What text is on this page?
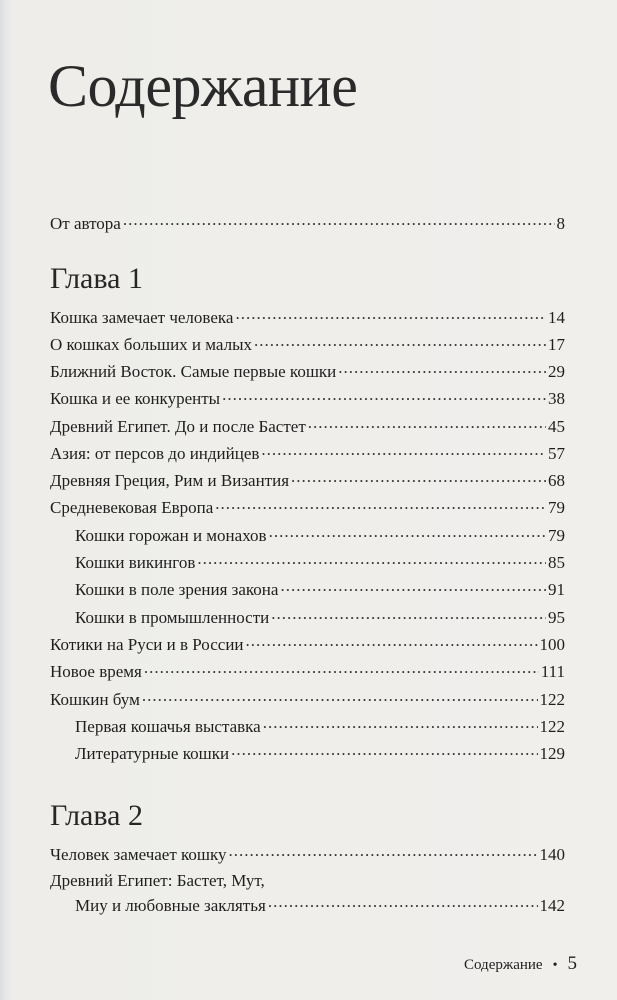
Содержание
От автора .....	8
Глава 1
Кошка замечает человека .....	14
О кошках больших и малых .....	17
Ближний Восток. Самые первые кошки .....	29
Кошка и ее конкуренты .....	38
Древний Египет. До и после Бастет .....	45
Азия: от персов до индийцев .....	57
Древняя Греция, Рим и Византия .....	68
Средневековая Европа .....	79
Кошки горожан и монахов .....	79
Кошки викингов .....	85
Кошки в поле зрения закона .....	91
Кошки в промышленности .....	95
Котики на Руси и в России .....	100
Новое время .....	111
Кошкин бум .....	122
Первая кошачья выставка .....	122
Литературные кошки .....	129
Глава 2
Человек замечает кошку .....	140
Древний Египет: Бастет, Мут,
Миу и любовные заклятья .....	142
Содержание • 5
